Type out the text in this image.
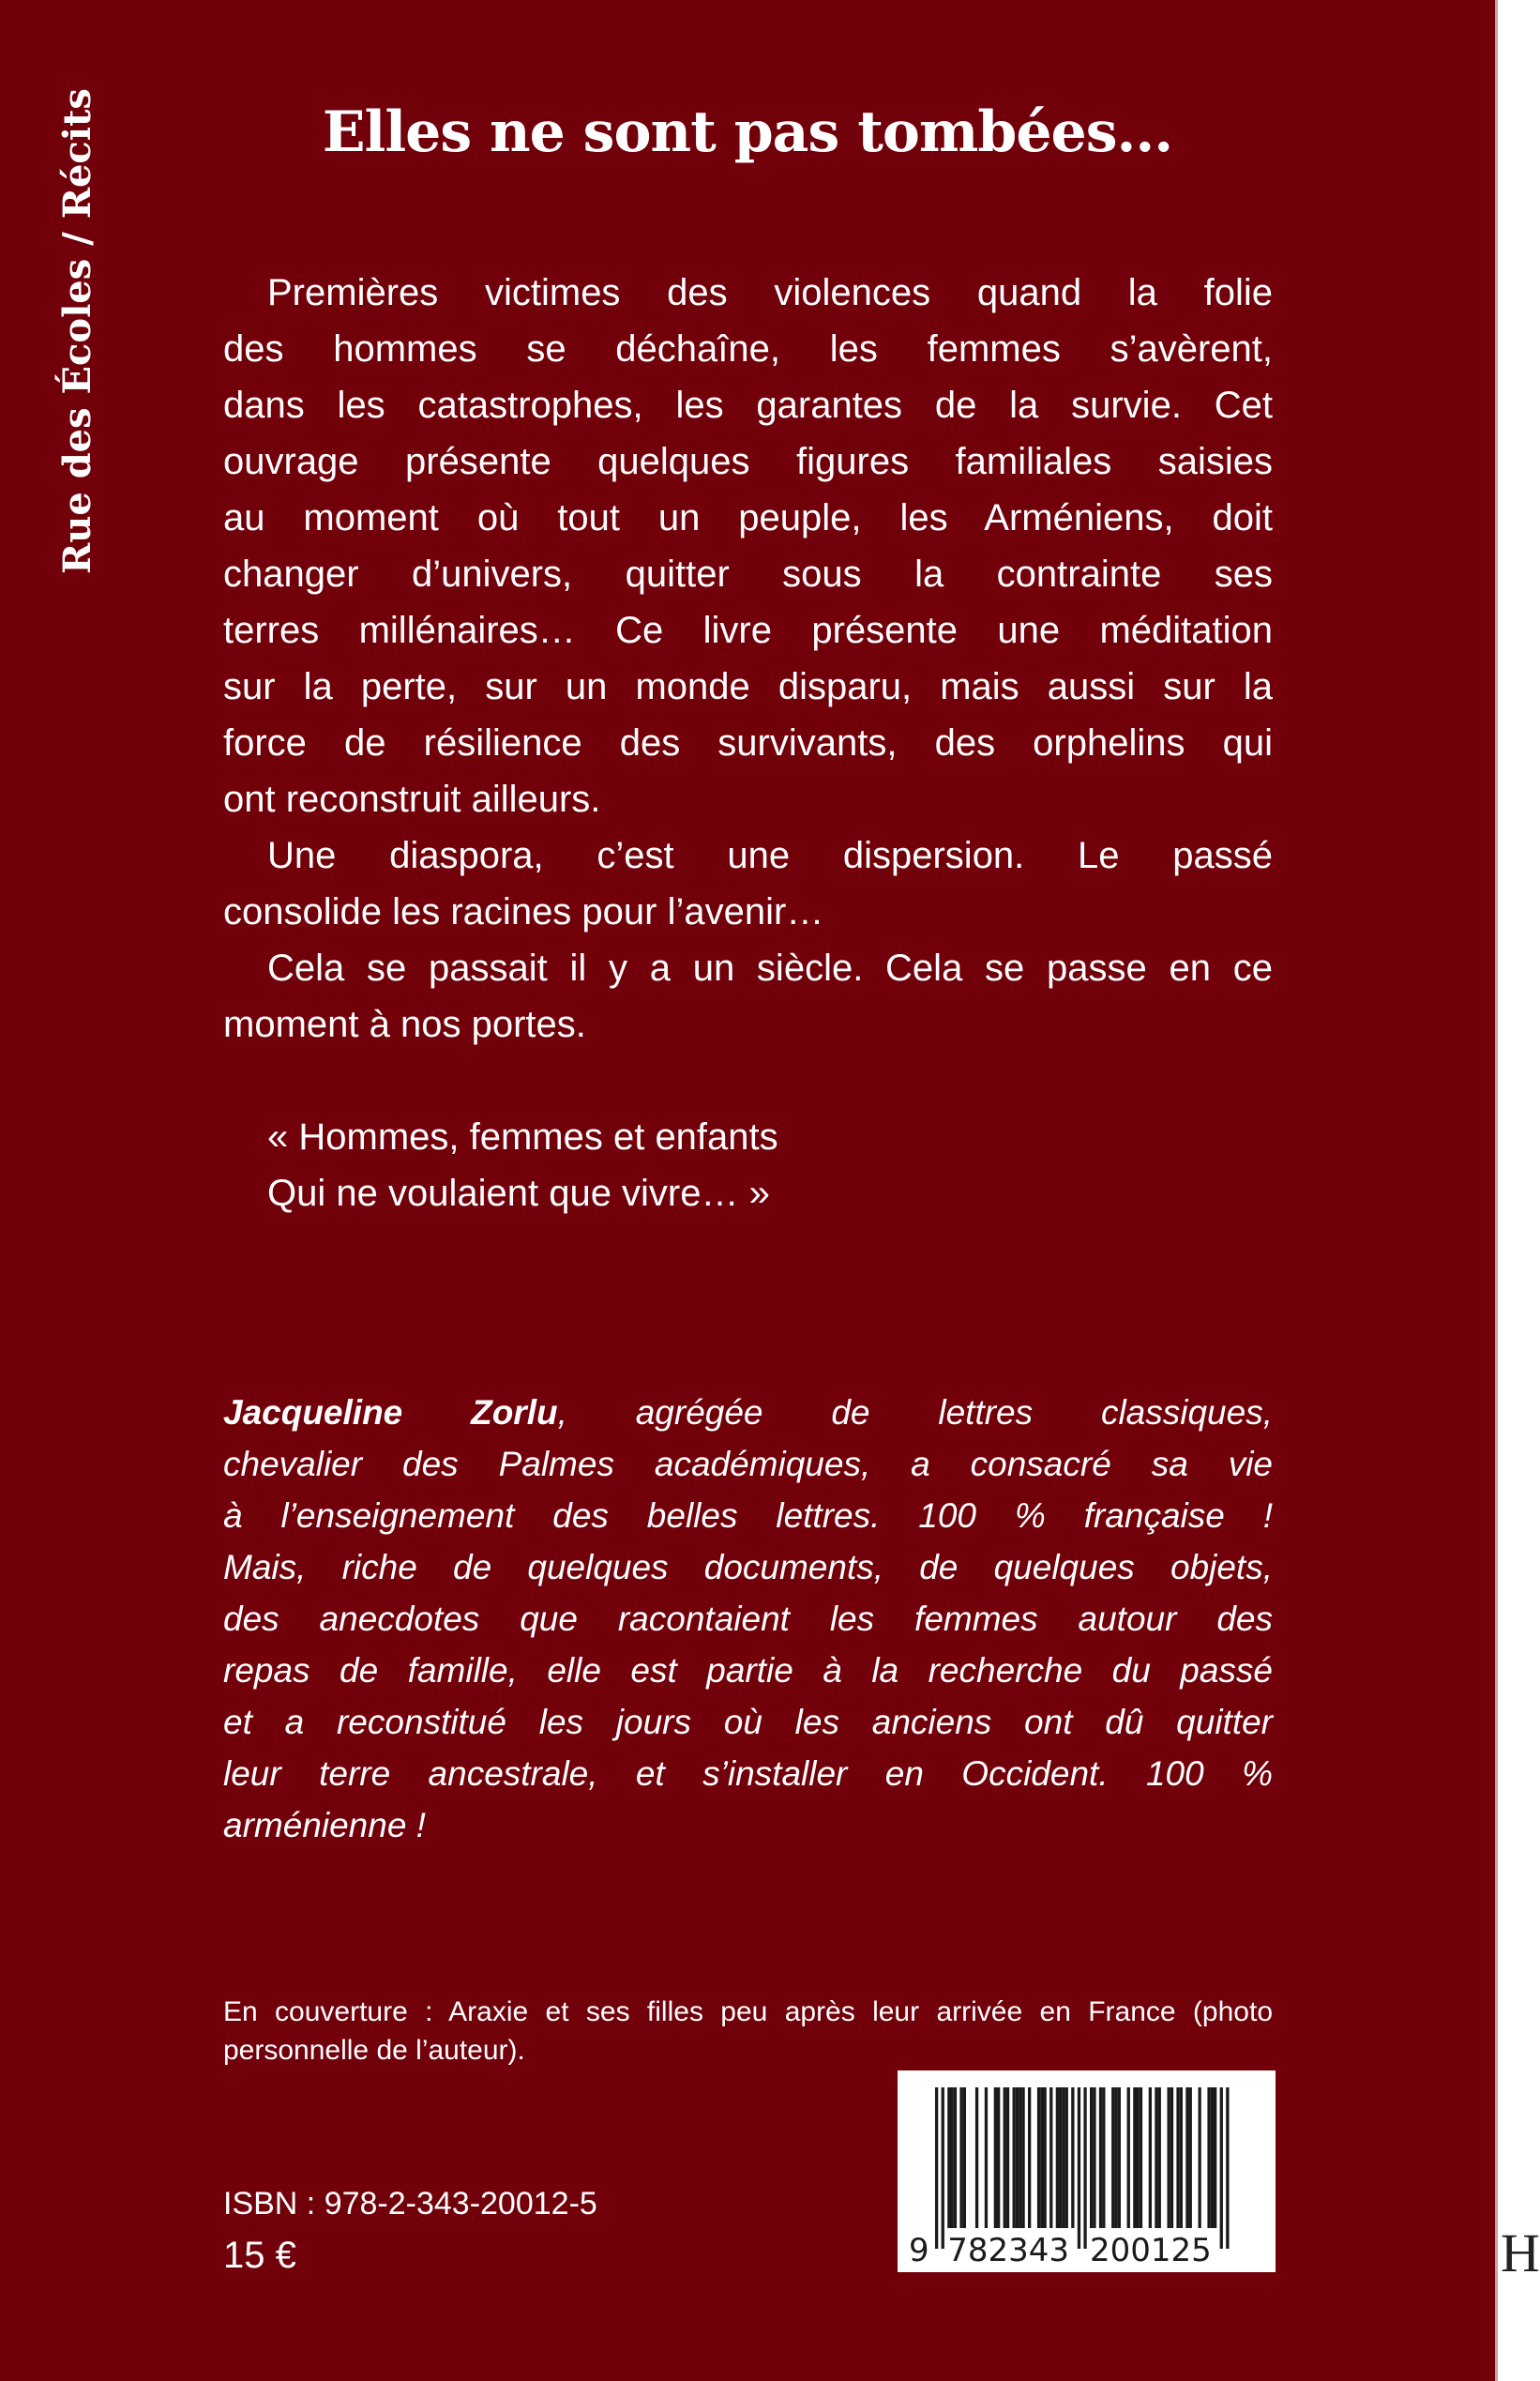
Rue des Écoles / Récits	Elles ne sont pas tombées...
Premières victimes des violences quand la folie
des hommes se déchaîne, les femmes s’avèrent,
dans les catastrophes, les garantes de la survie. Cet
ouvrage présente quelques figures familiales saisies
au moment où tout un peuple, les Arméniens, doit
changer d’univers, quitter sous la contrainte ses
terres millénaires… Ce livre présente une méditation
sur la perte, sur un monde disparu, mais aussi sur la
force de résilience des survivants, des orphelins qui
ont reconstruit ailleurs.
Une diaspora, c’est une dispersion. Le passé
consolide les racines pour l’avenir…
Cela se passait il y a un siècle. Cela se passe en ce
moment à nos portes.
« Hommes, femmes et enfants
Qui ne voulaient que vivre… »
Jacqueline Zorlu, agrégée de lettres classiques,
chevalier des Palmes académiques, a consacré sa vie
à l’enseignement des belles lettres. 100 % française !
Mais, riche de quelques documents, de quelques objets,
des anecdotes que racontaient les femmes autour des
repas de famille, elle est partie à la recherche du passé
et a reconstitué les jours où les anciens ont dû quitter
leur terre ancestrale, et s’installer en Occident. 100 %
arménienne !
En couverture : Araxie et ses filles peu après leur arrivée en France (photo
personnelle de l’auteur).
ISBN : 978-2-343-20012-5
15 €	9 782343 200125	H
